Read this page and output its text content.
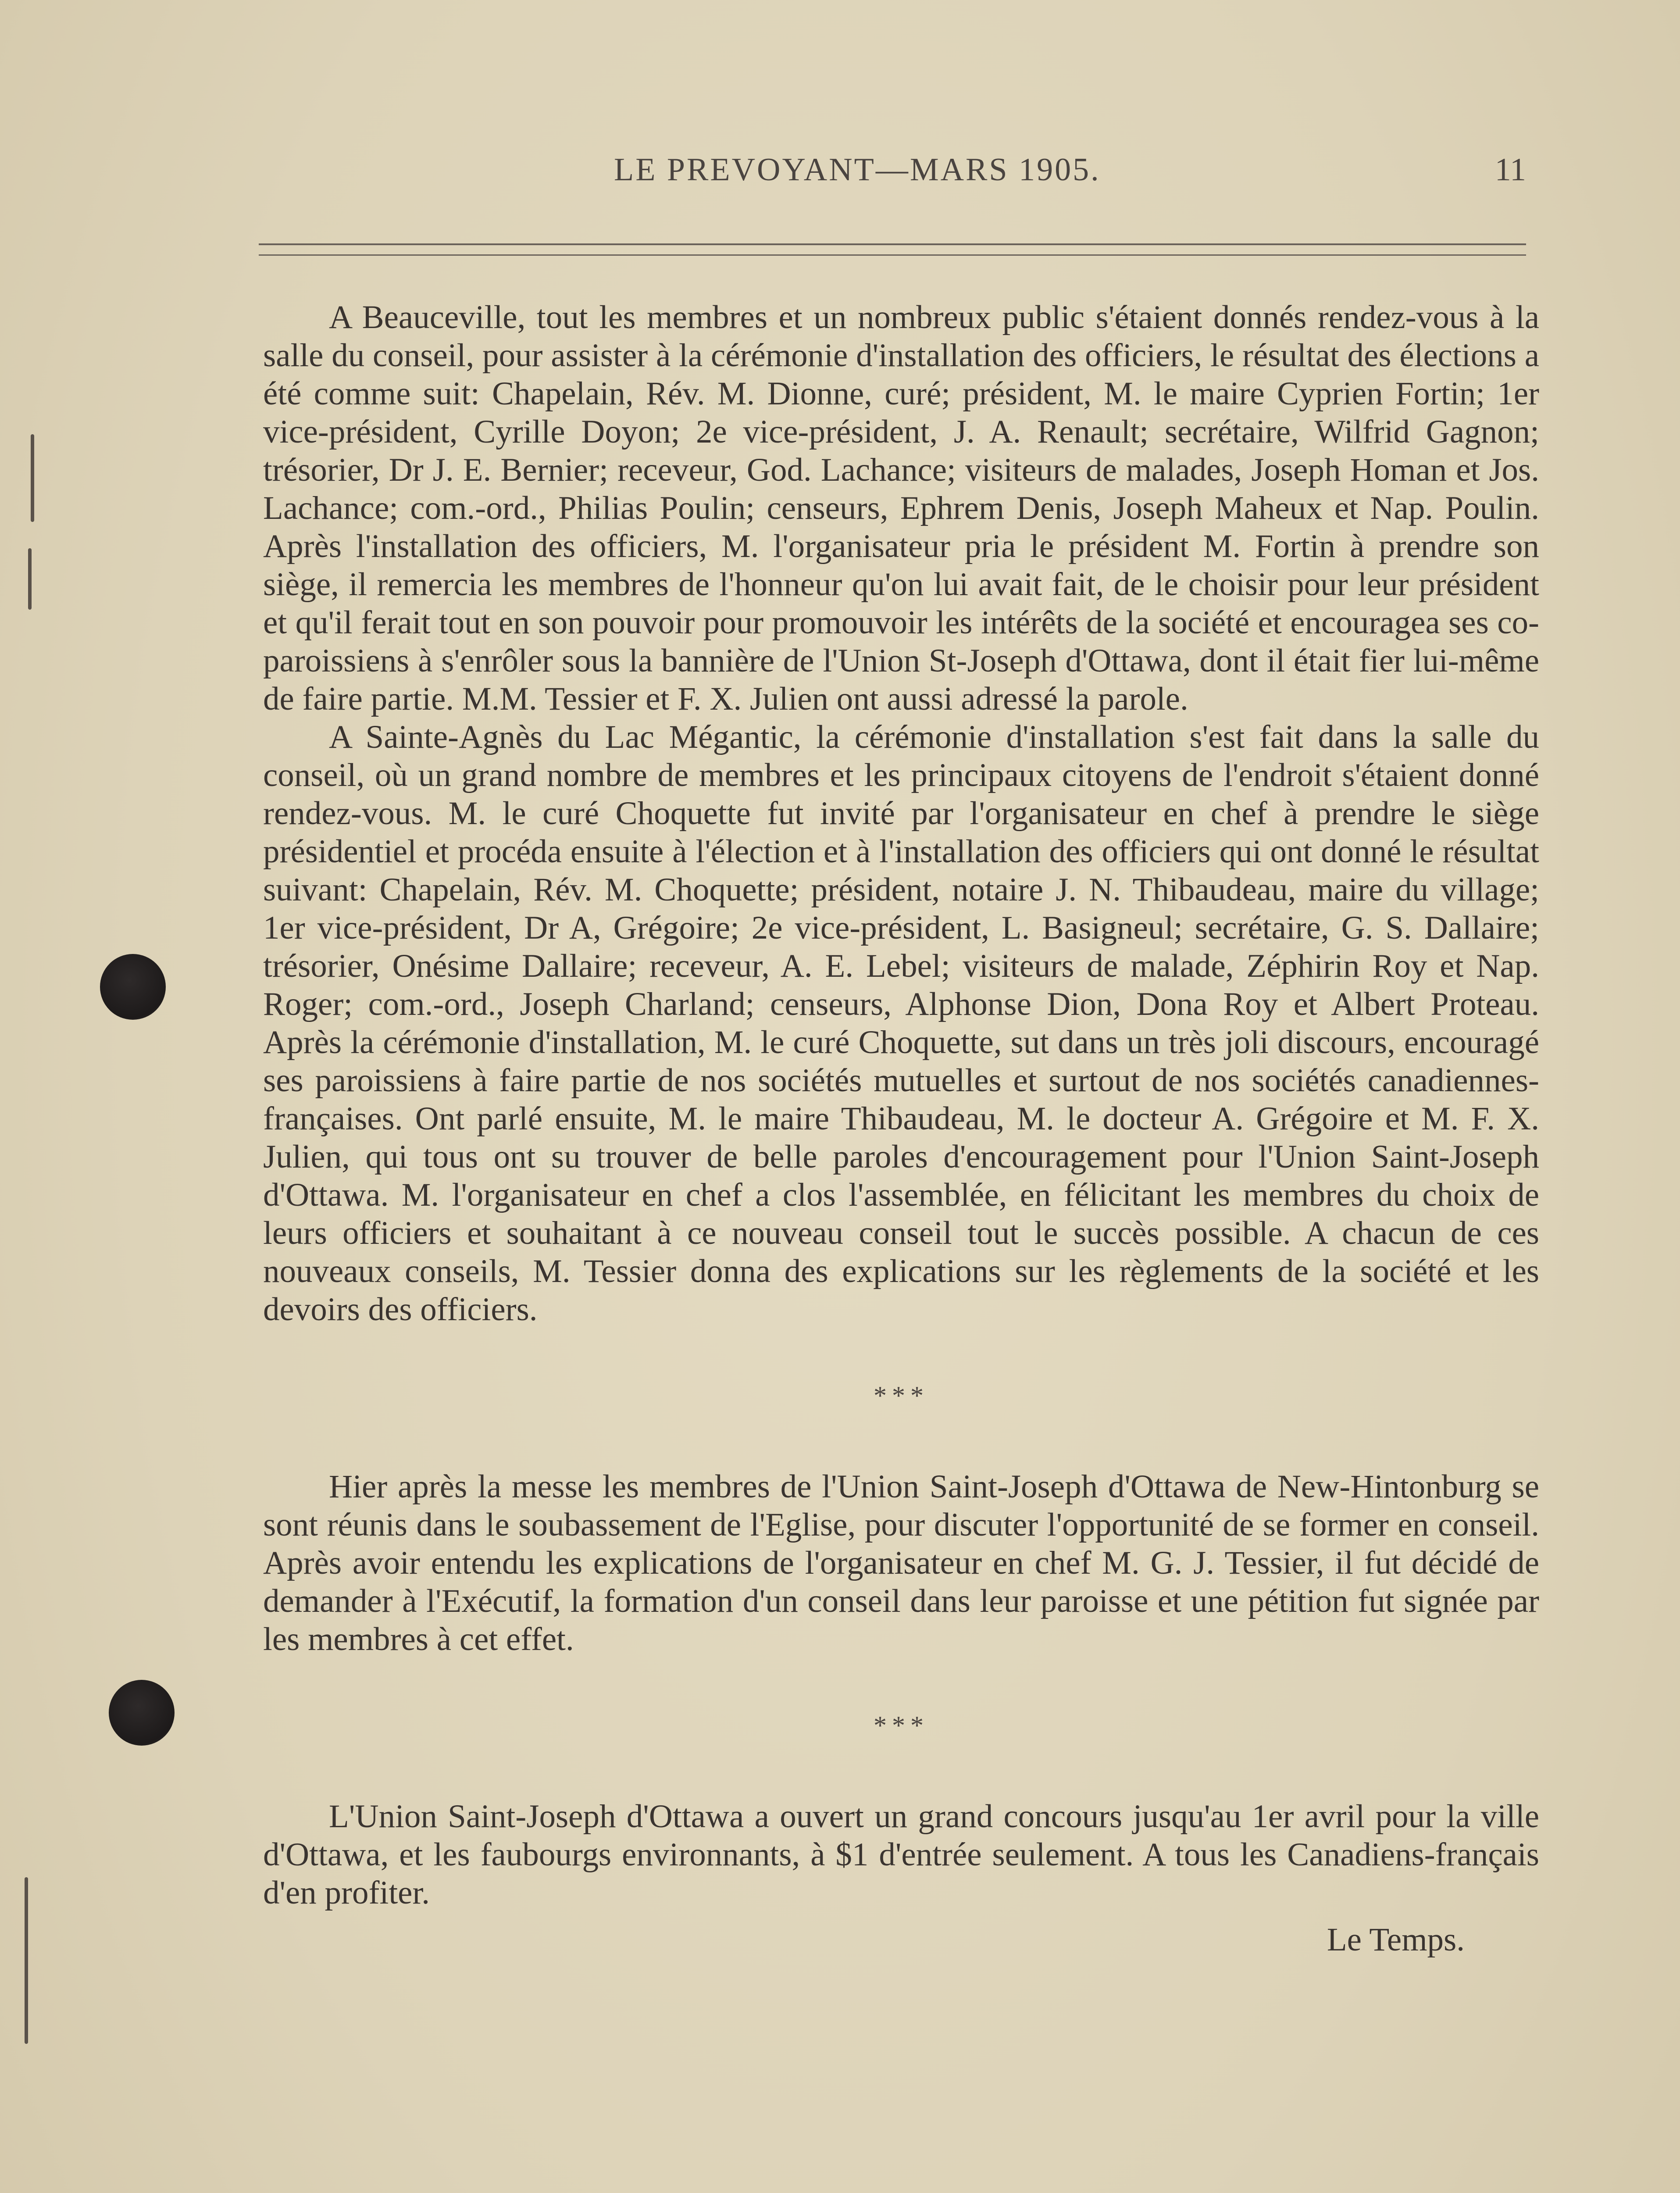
LE PREVOYANT—MARS 1905.	11

A Beauceville, tout les membres et un nombreux public s'étaient donnés rendez-vous à la salle du conseil, pour assister à la cérémonie d'installation des officiers, le résultat des élections a été comme suit: Chapelain, Rév. M. Dionne, curé; président, M. le maire Cyprien Fortin; 1er vice-président, Cyrille Doyon; 2e vice-président, J. A. Renault; secrétaire, Wilfrid Gagnon; trésorier, Dr J. E. Bernier; receveur, God. Lachance; visiteurs de malades, Joseph Homan et Jos. Lachance; com.-ord., Philias Poulin; censeurs, Ephrem Denis, Joseph Maheux et Nap. Poulin. Après l'installation des officiers, M. l'organisateur pria le président M. Fortin à prendre son siège, il remercia les membres de l'honneur qu'on lui avait fait, de le choisir pour leur président et qu'il ferait tout en son pouvoir pour promouvoir les intérêts de la société et encouragea ses co-paroissiens à s'enrôler sous la bannière de l'Union St-Joseph d'Ottawa, dont il était fier lui-même de faire partie. M.M. Tessier et F. X. Julien ont aussi adressé la parole.

A Sainte-Agnès du Lac Mégantic, la cérémonie d'installation s'est fait dans la salle du conseil, où un grand nombre de membres et les principaux citoyens de l'endroit s'étaient donné rendez-vous. M. le curé Choquette fut invité par l'organisateur en chef à prendre le siège présidentiel et procéda ensuite à l'élection et à l'installation des officiers qui ont donné le résultat suivant: Chapelain, Rév. M. Choquette; président, notaire J. N. Thibaudeau, maire du village; 1er vice-président, Dr A, Grégoire; 2e vice-président, L. Basigneul; secrétaire, G. S. Dallaire; trésorier, Onésime Dallaire; receveur, A. E. Lebel; visiteurs de malade, Zéphirin Roy et Nap. Roger; com.-ord., Joseph Charland; censeurs, Alphonse Dion, Dona Roy et Albert Proteau. Après la cérémonie d'installation, M. le curé Choquette, sut dans un très joli discours, encouragé ses paroissiens à faire partie de nos sociétés mutuelles et surtout de nos sociétés canadiennes-françaises. Ont parlé ensuite, M. le maire Thibaudeau, M. le docteur A. Grégoire et M. F. X. Julien, qui tous ont su trouver de belle paroles d'encouragement pour l'Union Saint-Joseph d'Ottawa. M. l'organisateur en chef a clos l'assemblée, en félicitant les membres du choix de leurs officiers et souhaitant à ce nouveau conseil tout le succès possible. A chacun de ces nouveaux conseils, M. Tessier donna des explications sur les règlements de la société et les devoirs des officiers.

***

Hier après la messe les membres de l'Union Saint-Joseph d'Ottawa de New-Hintonburg se sont réunis dans le soubassement de l'Eglise, pour discuter l'opportunité de se former en conseil. Après avoir entendu les explications de l'organisateur en chef M. G. J. Tessier, il fut décidé de demander à l'Exécutif, la formation d'un conseil dans leur paroisse et une pétition fut signée par les membres à cet effet.

***

L'Union Saint-Joseph d'Ottawa a ouvert un grand concours jusqu'au 1er avril pour la ville d'Ottawa, et les faubourgs environnants, à $1 d'entrée seulement. A tous les Canadiens-français d'en profiter.

Le Temps.
